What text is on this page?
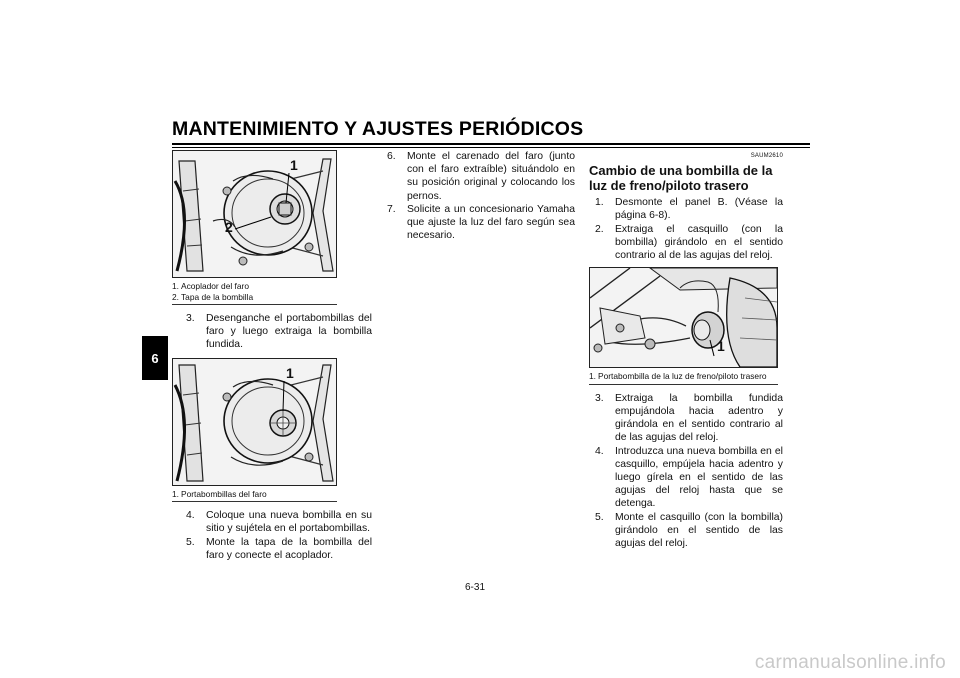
MANTENIMIENTO Y AJUSTES PERIÓDICOS
6
1
2
1. Acoplador del faro
2. Tapa de la bombilla
3.	Desenganche el portabombillas del faro y luego extraiga la bombilla fundida.
1
1. Portabombillas del faro
4.	Coloque una nueva bombilla en su sitio y sujétela en el portabombillas.
5.	Monte la tapa de la bombilla del faro y conecte el acoplador.
6.	Monte el carenado del faro (junto con el faro extraíble) situándolo en su posición original y colocando los pernos.
7.	Solicite a un concesionario Yamaha que ajuste la luz del faro según sea necesario.

SAUM2610

Cambio de una bombilla de la luz de freno/piloto trasero
1.	Desmonte el panel B. (Véase la página 6-8).
2.	Extraiga el casquillo (con la bombilla) girándolo en el sentido contrario al de las agujas del reloj.
1
1. Portabombilla de la luz de freno/piloto trasero
3.	Extraiga la bombilla fundida empujándola hacia adentro y girándola en el sentido contrario al de las agujas del reloj.
4.	Introduzca una nueva bombilla en el casquillo, empújela hacia adentro y luego gírela en el sentido de las agujas del reloj hasta que se detenga.
5.	Monte el casquillo (con la bombilla) girándolo en el sentido de las agujas del reloj.
6-31
carmanualsonline.info
